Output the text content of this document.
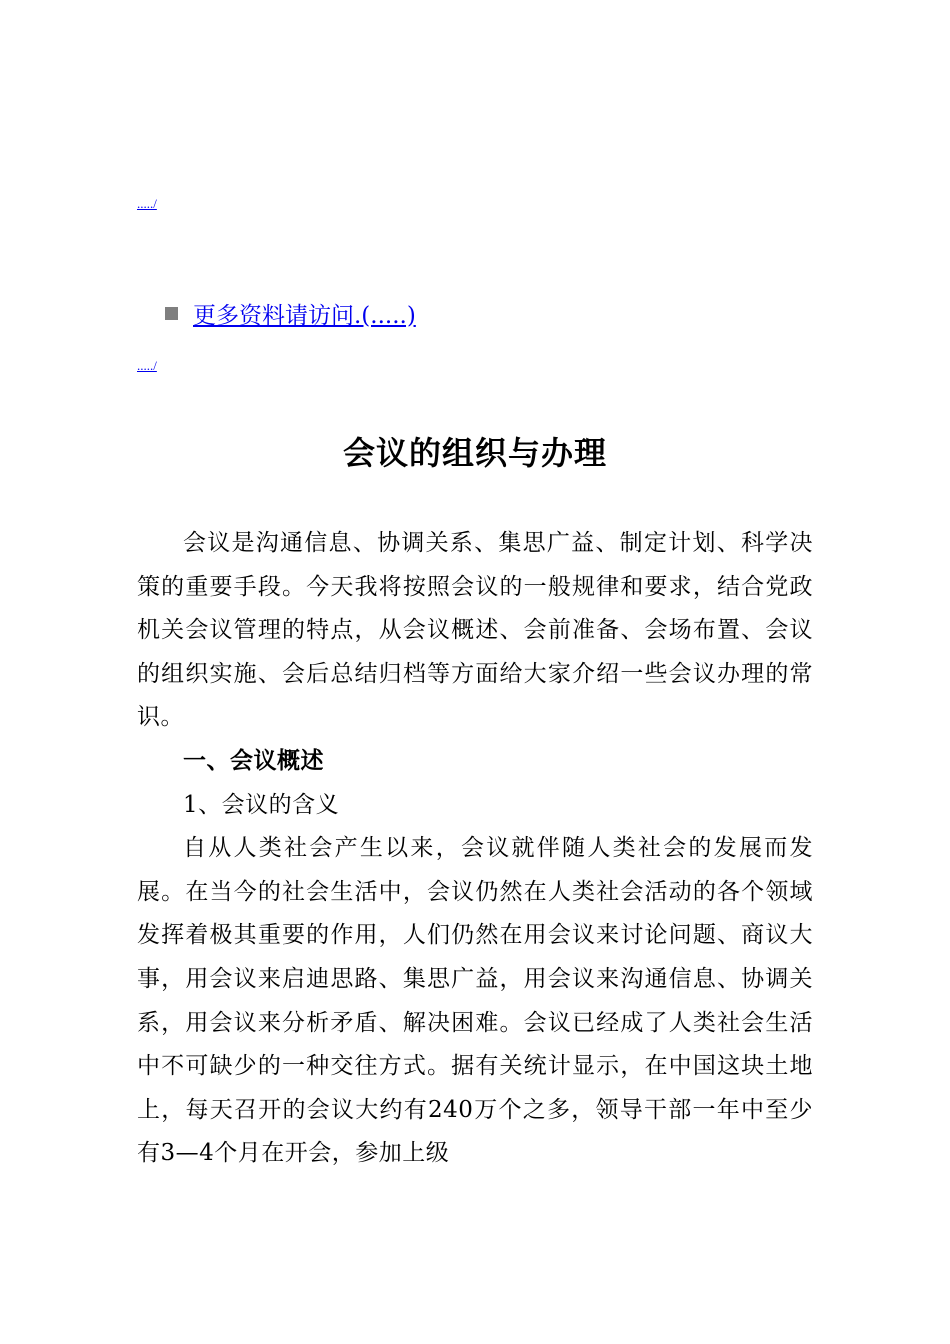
...../
更多资料请访问.(.....)
...../
会议的组织与办理

会议是沟通信息、协调关系、集思广益、制定计划、科学决策的重要手段。今天我将按照会议的一般规律和要求，结合党政机关会议管理的特点，从会议概述、会前准备、会场布置、会议的组织实施、会后总结归档等方面给大家介绍一些会议办理的常识。

一、会议概述

1、会议的含义

自从人类社会产生以来，会议就伴随人类社会的发展而发展。在当今的社会生活中，会议仍然在人类社会活动的各个领域发挥着极其重要的作用，人们仍然在用会议来讨论问题、商议大事，用会议来启迪思路、集思广益，用会议来沟通信息、协调关系，用会议来分析矛盾、解决困难。会议已经成了人类社会生活中不可缺少的一种交往方式。据有关统计显示，在中国这块土地上，每天召开的会议大约有240万个之多，领导干部一年中至少有3—4个月在开会，参加上级
